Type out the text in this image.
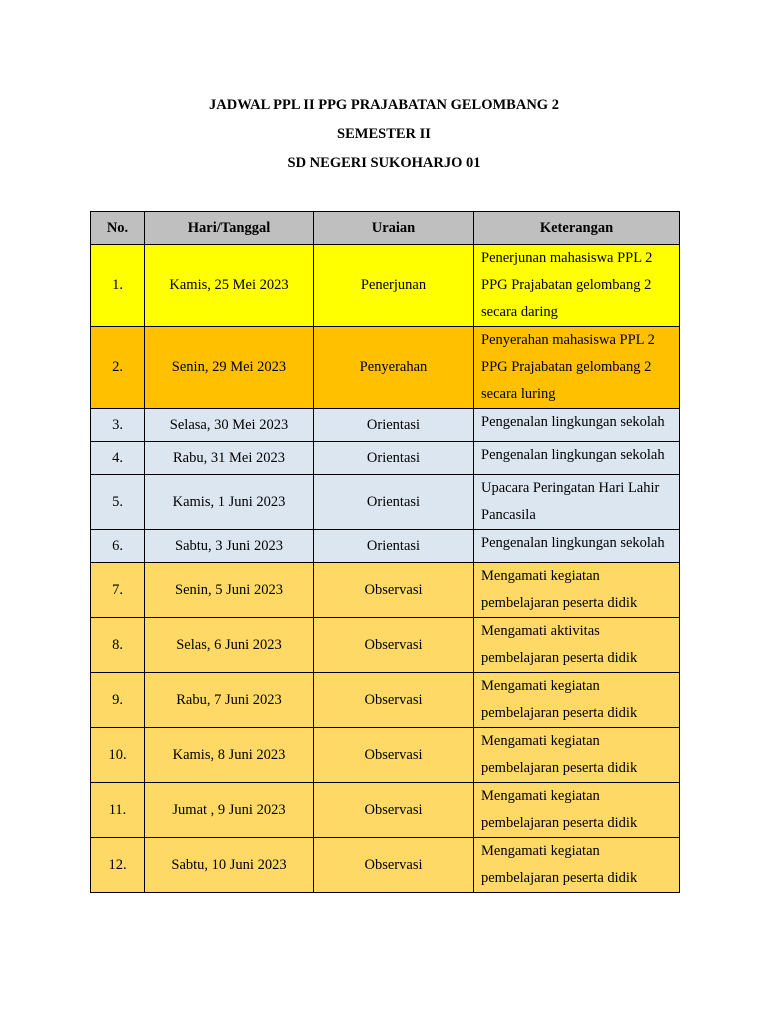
JADWAL PPL II PPG PRAJABATAN GELOMBANG 2
SEMESTER II
SD NEGERI SUKOHARJO 01
No.	Hari/Tanggal	Uraian	Keterangan
1.	Kamis, 25 Mei 2023	Penerjunan	Penerjunan mahasiswa PPL 2 PPG Prajabatan gelombang 2 secara daring
2.	Senin, 29 Mei 2023	Penyerahan	Penyerahan mahasiswa PPL 2 PPG Prajabatan gelombang 2 secara luring
3.	Selasa, 30 Mei 2023	Orientasi	Pengenalan lingkungan sekolah
4.	Rabu, 31 Mei 2023	Orientasi	Pengenalan lingkungan sekolah
5.	Kamis, 1 Juni 2023	Orientasi	Upacara Peringatan Hari Lahir Pancasila
6.	Sabtu, 3 Juni 2023	Orientasi	Pengenalan lingkungan sekolah
7.	Senin, 5 Juni 2023	Observasi	Mengamati kegiatan pembelajaran peserta didik
8.	Selas, 6 Juni 2023	Observasi	Mengamati aktivitas pembelajaran peserta didik
9.	Rabu, 7 Juni 2023	Observasi	Mengamati kegiatan pembelajaran peserta didik
10.	Kamis, 8 Juni 2023	Observasi	Mengamati kegiatan pembelajaran peserta didik
11.	Jumat , 9 Juni 2023	Observasi	Mengamati kegiatan pembelajaran peserta didik
12.	Sabtu, 10 Juni 2023	Observasi	Mengamati kegiatan pembelajaran peserta didik
